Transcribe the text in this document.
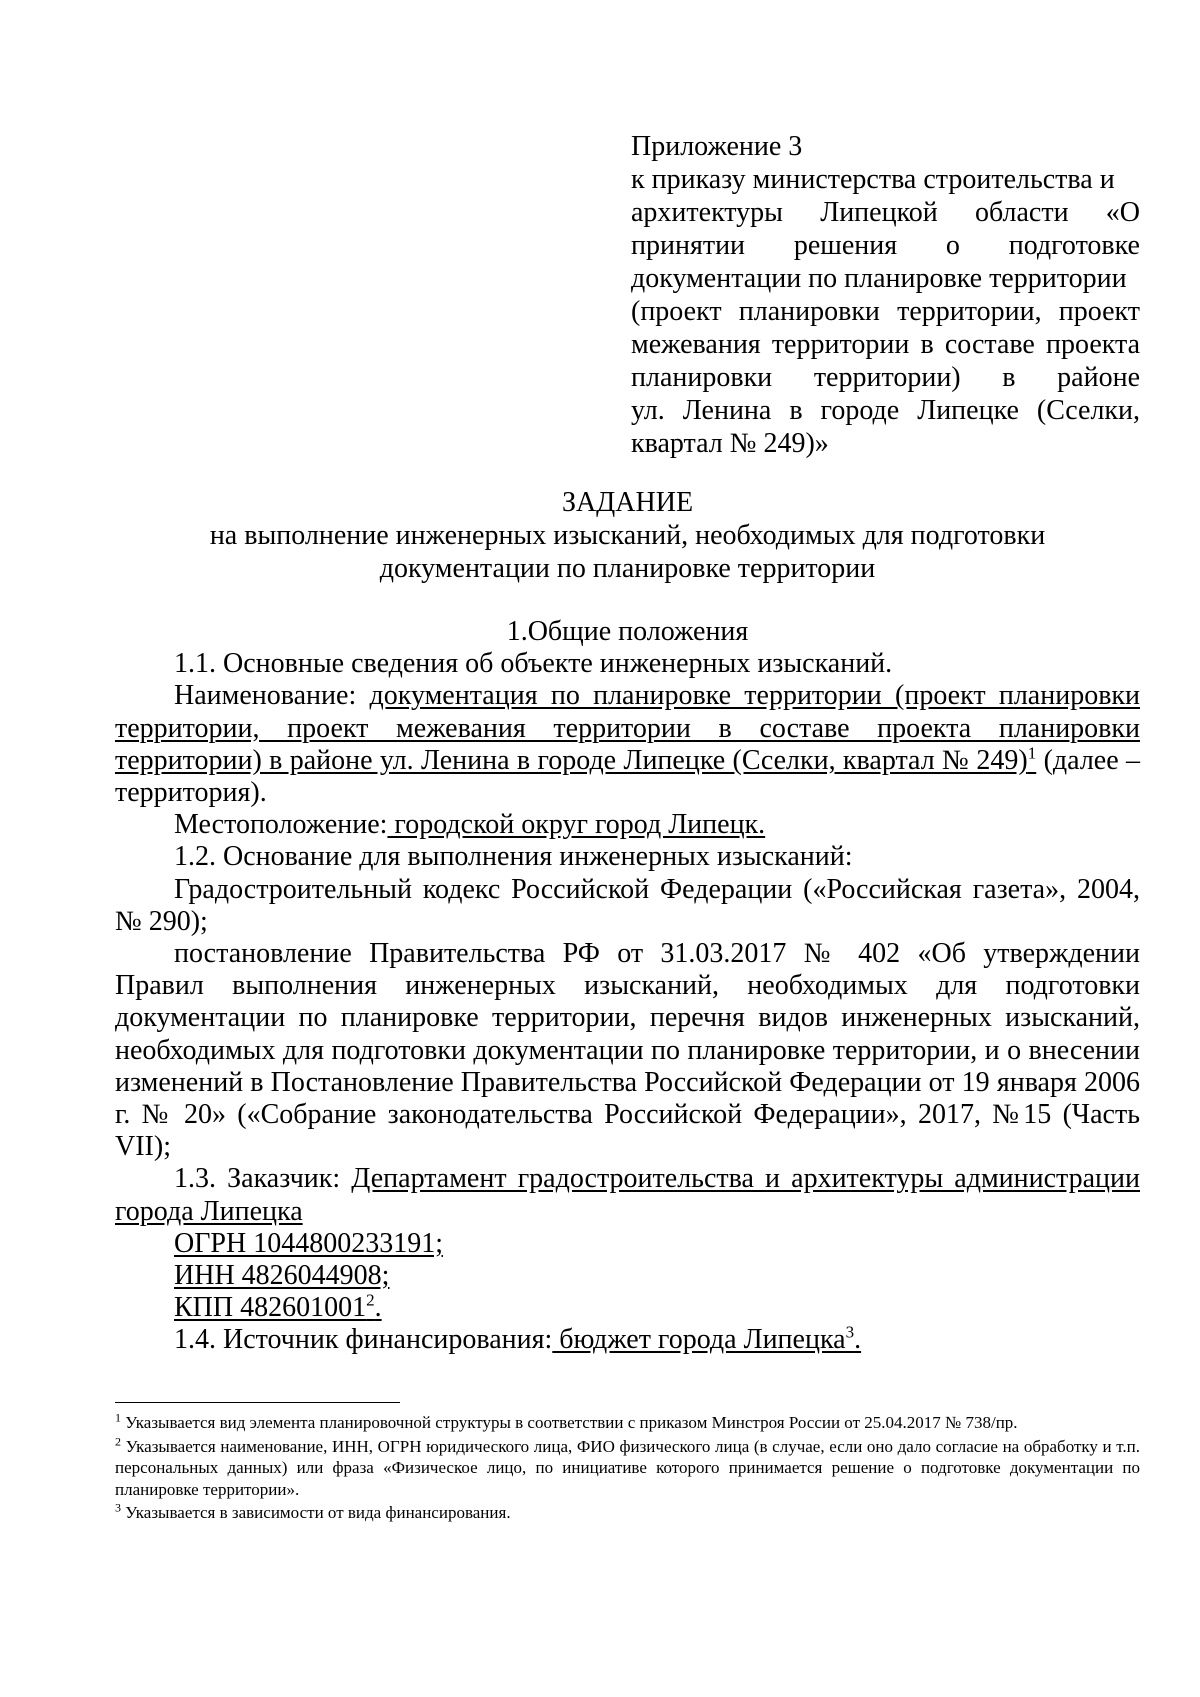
Приложение 3
к приказу министерства строительства и
архитектуры Липецкой области «О
принятии решения о подготовке
документации по планировке территории
(проект планировки территории, проект
межевания территории в составе проекта
планировки территории) в районе
ул. Ленина в городе Липецке (Сселки,
квартал № 249)»
ЗАДАНИЕ
на выполнение инженерных изысканий, необходимых для подготовки
документации по планировке территории

1.Общие положения

1.1. Основные сведения об объекте инженерных изысканий.

Наименование: документация по планировке территории (проект планировки территории, проект межевания территории в составе проекта планировки территории) в районе ул. Ленина в городе Липецке (Сселки, квартал № 249)$^1$ (далее – территория).

Местоположение: городской округ город Липецк.

1.2. Основание для выполнения инженерных изысканий:

Градостроительный кодекс Российской Федерации («Российская газета», 2004, № 290);

постановление Правительства РФ от 31.03.2017 № 402 «Об утверждении Правил выполнения инженерных изысканий, необходимых для подготовки документации по планировке территории, перечня видов инженерных изысканий, необходимых для подготовки документации по планировке территории, и о внесении изменений в Постановление Правительства Российской Федерации от 19 января 2006 г. № 20» («Собрание законодательства Российской Федерации», 2017, №15 (Часть VII);

1.3. Заказчик: Департамент градостроительства и архитектуры администрации города Липецка

ОГРН 1044800233191;

ИНН 4826044908;

КПП 482601001$^2$.

1.4. Источник финансирования: бюджет города Липецка$^3$.

$^1$ Указывается вид элемента планировочной структуры в соответствии с приказом Минстроя России от 25.04.2017 № 738/пр.

$^2$ Указывается наименование, ИНН, ОГРН юридического лица, ФИО физического лица (в случае, если оно дало согласие на обработку и т.п. персональных данных) или фраза «Физическое лицо, по инициативе которого принимается решение о подготовке документации по планировке территории».

$^3$ Указывается в зависимости от вида финансирования.
